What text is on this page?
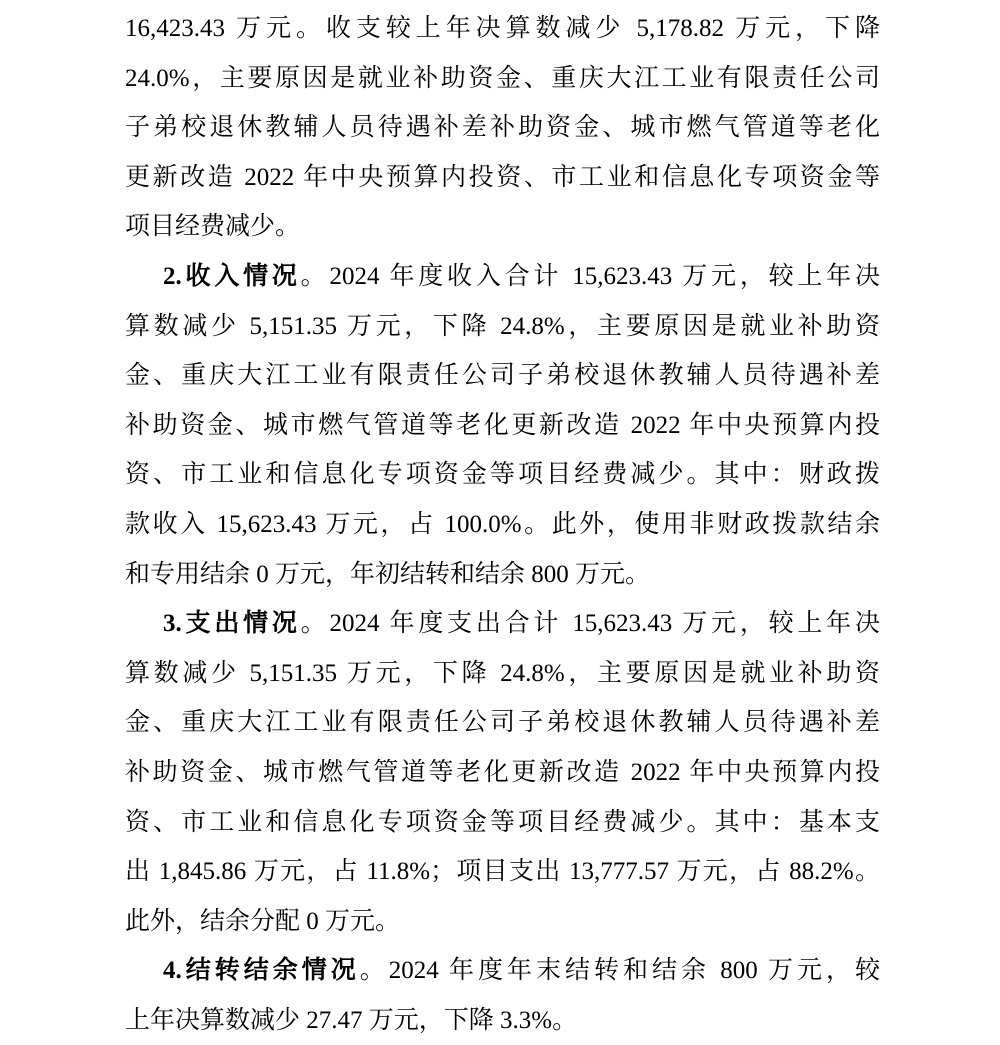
16,423.43 万元。收支较上年决算数减少 5,178.82 万元，下降
24.0%，主要原因是就业补助资金、重庆大江工业有限责任公司
子弟校退休教辅人员待遇补差补助资金、城市燃气管道等老化
更新改造 2022 年中央预算内投资、市工业和信息化专项资金等
项目经费减少。
2.收入情况。2024 年度收入合计 15,623.43 万元，较上年决
算数减少 5,151.35 万元，下降 24.8%，主要原因是就业补助资
金、重庆大江工业有限责任公司子弟校退休教辅人员待遇补差
补助资金、城市燃气管道等老化更新改造 2022 年中央预算内投
资、市工业和信息化专项资金等项目经费减少。其中：财政拨
款收入 15,623.43 万元，占 100.0%。此外，使用非财政拨款结余
和专用结余 0 万元，年初结转和结余 800 万元。
3.支出情况。2024 年度支出合计 15,623.43 万元，较上年决
算数减少 5,151.35 万元，下降 24.8%，主要原因是就业补助资
金、重庆大江工业有限责任公司子弟校退休教辅人员待遇补差
补助资金、城市燃气管道等老化更新改造 2022 年中央预算内投
资、市工业和信息化专项资金等项目经费减少。其中：基本支
出 1,845.86 万元，占 11.8%；项目支出 13,777.57 万元，占 88.2%。
此外，结余分配 0 万元。
4.结转结余情况。2024 年度年末结转和结余 800 万元，较
上年决算数减少 27.47 万元，下降 3.3%。
